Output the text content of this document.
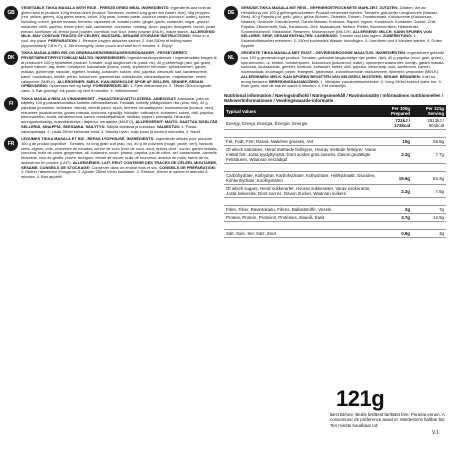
GB

VEGETABLE TIKKA MASALA WITH RICE - FREEZE DRIED MEAL INGREDIENTS: Ingredients and bold as given used to produce 100g freeze-dried product: Tomatoes, cooked long grain rice (water, rice), 40g peppers (red, yellow, green), 40g green beans, onion, 10g peas, tomato paste, coconut cream (coconut, water), spices including: cumin, garam masala, turmeric, rapeseed oil, tomato purée, ginger, garlic, coriander, sugar, ground coriander, chilli, paprika, lemon juice, salt, cardamom, cinnamon, nutmeg, clove, pepper, fenugreek, cumin, yeast extract, sunflower oil, lemon juice powder, cornflour, rice flour, whey powder (MILK), maize starch. ALLERGENS: MILK, MAY CONTAIN TRACES OF CELERY, MUSTARD, SESAME STORAGE INSTRUCTIONS: Store in a cool, dry place. PREPARATION: 1. Remove oxygen absorber sachet. 2. Add 250ml of boiling water (approximately 7/8 in F). 3. Stir thoroughly, close pouch and wait for 8 minutes. 4. Enjoy!

DK

TIKKA MASALA MED RIS OG GRØNSAGER/GRØNSAKER/GRÖNSAKER - FRYSETØRRET/ FRYSETØRKET/FRYSTORKAD MÅLTID. INGREDIENSER: Ingredienser/Ingredienser i ingrediensliste bruges til at producere 100 g frysetørret produkt: Tomater, kogt langkornet ris (vand, ris), 40 g peberfrugt (rød, gul, grøn), grønne bønner, løg, ærter, tomatpuré, kokosfløde (kokos, vand), krydderier herunder: spidskommen, garam masala, gurkemeje, rapsolie, ingefær, hvidløg, koriander, sukker, chili, paprika, citronsaft, salt, kardemomme, kanel, muskatnød, nellike, peber, bukkehorn, gærekstrakt, solsikkeolie, citronsaftpulver, majsstivelse, rismel, vallepulver (MÆLK). ALLERGENER: MÆLK. KAN INDEHOLDE SPOR AF SELLERI, SENNEP, SESAM. OPBEVARING: Opbevares tørt og køligt. FOREBEREDELSE: 1. Fjern iltabsorberen. 2. Tilsæt 250ml kogende vand. 3. Rør grundigt, luk posen og vent 8 minutter. 4. Velbekomme!

FI

TIKKA MASALA RIISI JA VIHANNEKSET - PAKASTEKUIVATTU ATERIA. AINESOSAT: Ainesosat, joita on käytetty 100 g pakastekuivattua tuotetta valmistettaessa: Tomaatti, keitetty pitkäjyväinen riisi (vesi, riisi), 40 g paprikaa (punainen, keltainen, vihreä), vihreät pavut, sipuli, herneet, tomaattipyree, kookoskerma (kookos, vesi), mausteet: juustokumina, garam masala, kurkuma, rypsiöljy, inkivääri, valkosipuli, korianteri, sokeri, chili, paprika, sitruunamehu, suola, kardemumma, kaneli, muskottipähkinä, neilikka, pippuri, sarviapila, hiivauute, auringonkukkaöljy, maissitärkkelys, riisijauho, herajauhe (MAITO). ALLERGEENIT: MAITO. SAATTAA SISÄLTÄÄ SELLERIÄ, SINAPPIA, SEESAMIA. SÄILYTYS: Säilytä viileässä ja kuivassa. VALMISTUS: 1. Poista hapenpoistaja. 2. Lisää 250ml kiehuvaa vettä. 3. Sekoita hyvin, sulje pussi ja odota 8 minuuttia. 4. Nauti!

FR

LÉGUMES TIKKA MASALA ET RIZ - REPAS LYOPHILISÉ. INGRÉDIENTS: Ingrédients utilisés pour produire 100 g de produit lyophilisé : Tomates, riz long grain cuit (eau, riz), 40 g de poivrons (rouge, jaune, vert), haricots verts, oignon, pois, concentré de tomates, crème de coco (noix de coco, eau), épices dont : cumin, garam masala, curcuma, huile de colza, gingembre, ail, coriandre, sucre, piment, paprika, jus de citron, sel, cardamome, cannelle, muscade, clou de girofle, poivre, fenugrec, extrait de levure, huile de tournesol, amidon de maïs, farine de riz, lactosérum en poudre (LAIT). ALLERGÈNES: LAIT. PEUT CONTENIR DES TRACES DE CÉLERI, MOUTARDE, SÉSAME. CONSEILS DE STOCKAGE: Conserver dans un endroit frais et sec. CONSEILS DE PRÉPARATION: 1. Retirer l'absorbeur d'oxygène. 2. Ajouter 250ml d'eau bouillante. 3. Remuer, fermer le sachet et attendre 8 minutes. 4. Bon appétit!

DE

GEMÜSE-TIKKA MASALA MIT REIS - GEFRIERGETROCKNETE MAHLZEIT. ZUTATEN: Zutaten, die zur Herstellung von 100 g gefriergetrocknetem Produkt verwendet wurden: Tomaten, gekochter Langkornreis (Wasser, Reis), 40 g Paprika (rot, gelb, grün), grüne Bohnen, Zwiebeln, Erbsen, Tomatenmark, Kokoscreme (Kokosnuss, Wasser), Gewürze: Kreuzkümmel, Garam Masala, Kurkuma, Rapsöl, Ingwer, Knoblauch, Koriander, Zucker, Chili, Paprika, Zitronensaft, Salz, Kardamom, Zimt, Muskatnuss, Nelken, Pfeffer, Bockshornklee, Hefeextrakt, Sonnenblumenöl, Maisstärke, Reismehl, Molkenpulver (MILCH). ALLERGENE: MILCH. KANN SPUREN VON SELLERIE, SENF, SESAM ENTHALTEN. LAGERUNG: Trocken und kühl lagern. ZUBEREITUNG: 1. Sauerstoffabsorber entfernen. 2. 250ml kochendes Wasser hinzufügen. 3. Umrühren und 8 Minuten warten. 4. Guten Appetit!

NL

GROENTE TIKKA MASALA MET RIJST - GEVRIESDROOGDE MAALTIJD. INGREDIËNTEN: Ingrediënten gebruikt voor 100 g gevriesdroogd product: Tomaten, gekookte langkorrelige rijst (water, rijst), 40 g paprika (rood, geel, groen), sperziebonen, ui, erwten, tomatenpuree, kokosroom (kokosnoot, water), specerijen waaronder: komijn, garam masala, kurkuma, koolzaadolie, gember, knoflook, koriander, suiker, chili, paprika, citroensap, zout, kardemom, kaneel, nootmuskaat, kruidnagel, peper, fenegriek, gistextract, zonnebloemolie, maïszetmeel, rijstmeel, weipoeder (MELK). ALLERGENEN: MELK. KAN SPOREN BEVATTEN VAN SELDERIJ, MOSTERD, SESAM. BEWAREN: Koel en droog bewaren. BEREIDINGSAANWIJZING: 1. Verwijder zuurstofabsorbeerder. 2. Voeg 250ml kokend water toe. 3. Roer goed, sluit de zak en wacht 8 minuten. 4. Eet smakelijk!

Nutritional information / Næringsindhold / Näringsinnehåll / Ravintosisältö / Informations nutritionnelles / Nährwertinformationen / Voedingswaarde-informatie
Typical Values	Per 100g Prepared	Per 121g Serving
Energy, Energi, Energia, Énergie, Energie	721kJ / 173kcal	2513kJ / 601kcal

Fat, Fedt, Fett, Rasva, Matières grasses, Vet	10g	35.9g
Of which saturates, Heraf mættede fedtsyrer, Hvorav mettede fettsyrer, Varav mättat fett, Josta tyydyttynyttä, Dont acides gras saturés, Davon gesättigte Fettsäuren, Waarvan verzadigd	2.2g	7.7g

Carbohydrate, Kulhydrat, Karbohydrater, Kolhydrater, Hiilihydraatit, Glucides, Kohlenhydrate, Koolhydraten	15.6g	54.3g
Of which sugars, Heraf sukkerarter, Hvorav sukkerarter, Varav sockerarter, Josta sokereita, Dont sucres, Davon Zucker, Waarvan suikers	2.2g	7.6g

Fibre, Fiber, Ravintokuitu, Fibres, Ballaststoffe, Vezels	2g	7g
Protein, Protein, Proteiinit, Protéines, Eiweiß, Eiwit	3.7g	12.9g

Salt, Sule, Sel, Salz, Zout	0.9g	3g
121g
Best Before: Bedst før/Best før/Bäst före: Parasta ennen: A consommer de préférence avant le: Mindestens haltbar bis: Ten minste houdbaar tot:
V.1
